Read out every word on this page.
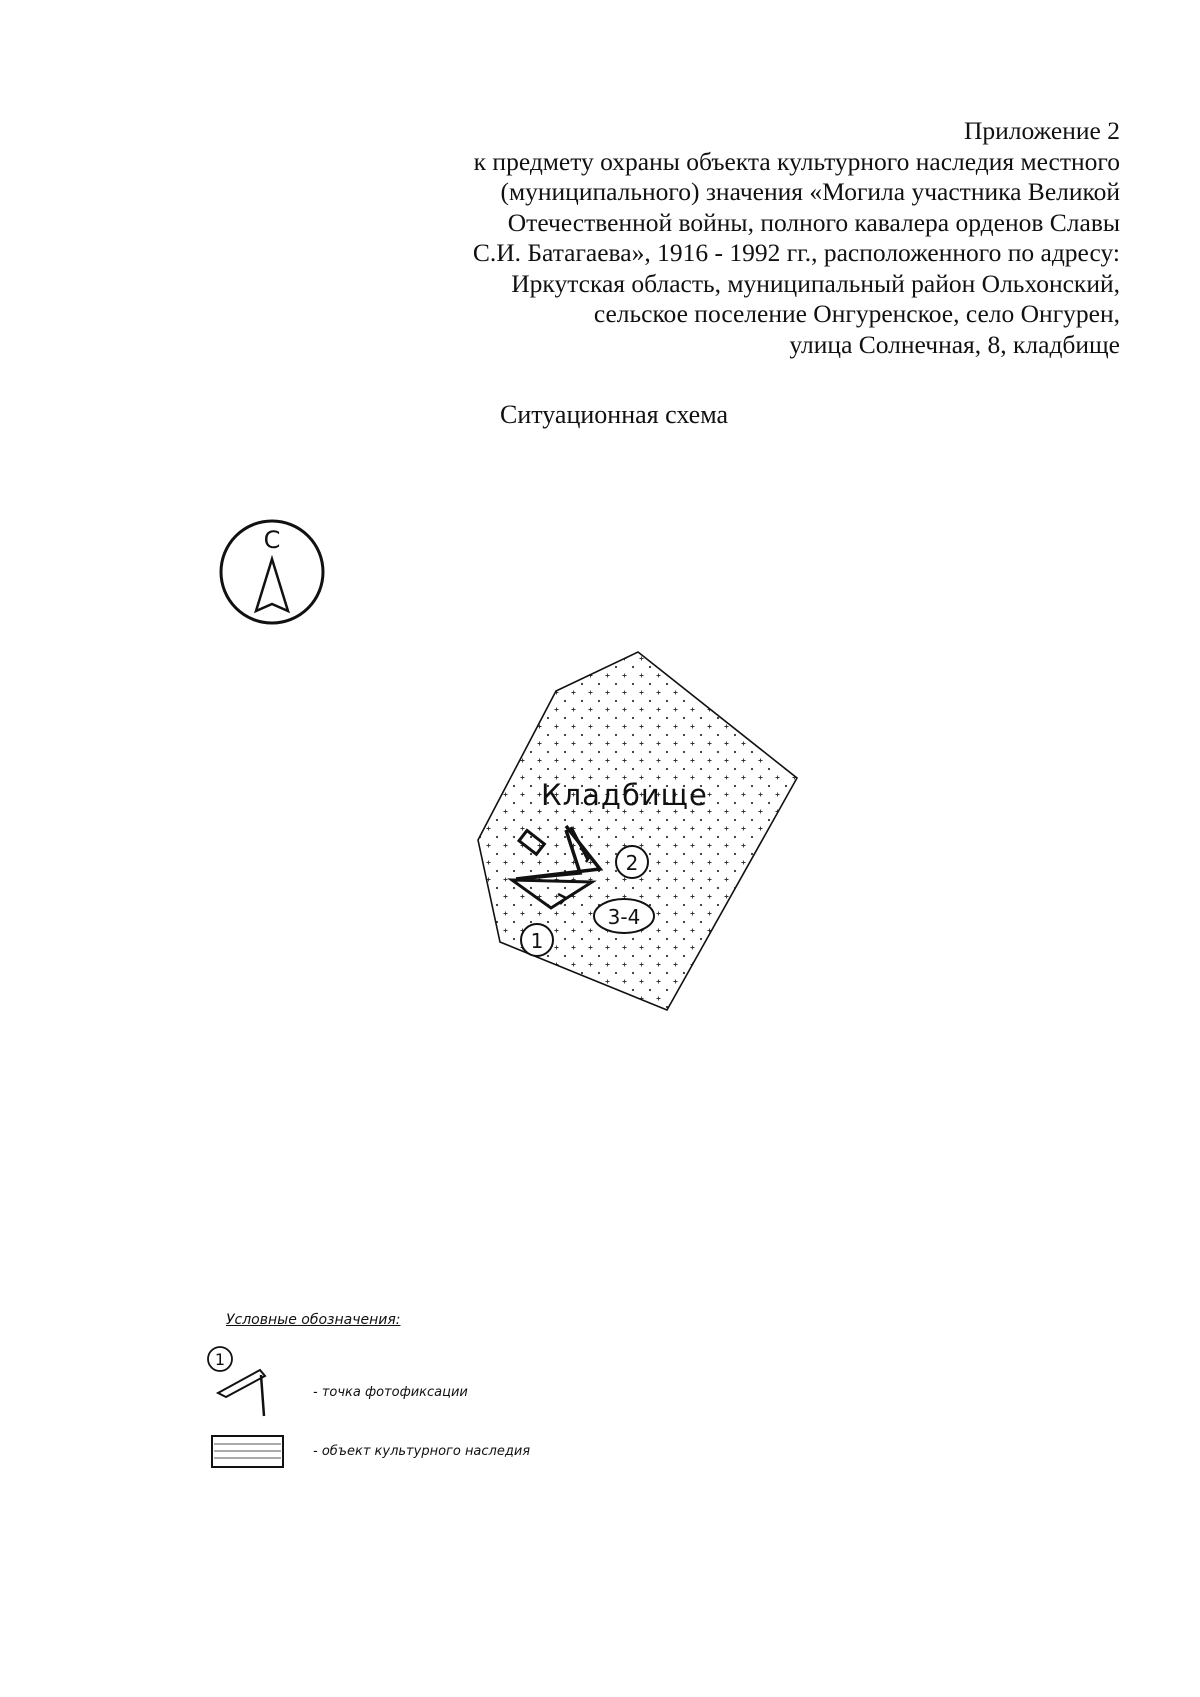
Приложение 2
к предмету охраны объекта культурного наследия местного
(муниципального) значения «Могила участника Великой
Отечественной войны, полного кавалера орденов Славы
С.И. Батагаева», 1916 - 1992 гг., расположенного по адресу:
Иркутская область, муниципальный район Ольхонский,
сельское поселение Онгуренское, село Онгурен,
улица Солнечная, 8, кладбище
Ситуационная схема
С
1
2
3-4
1
Кладбище
Условные обозначения:
- точка фотофиксации
- объект культурного наследия
